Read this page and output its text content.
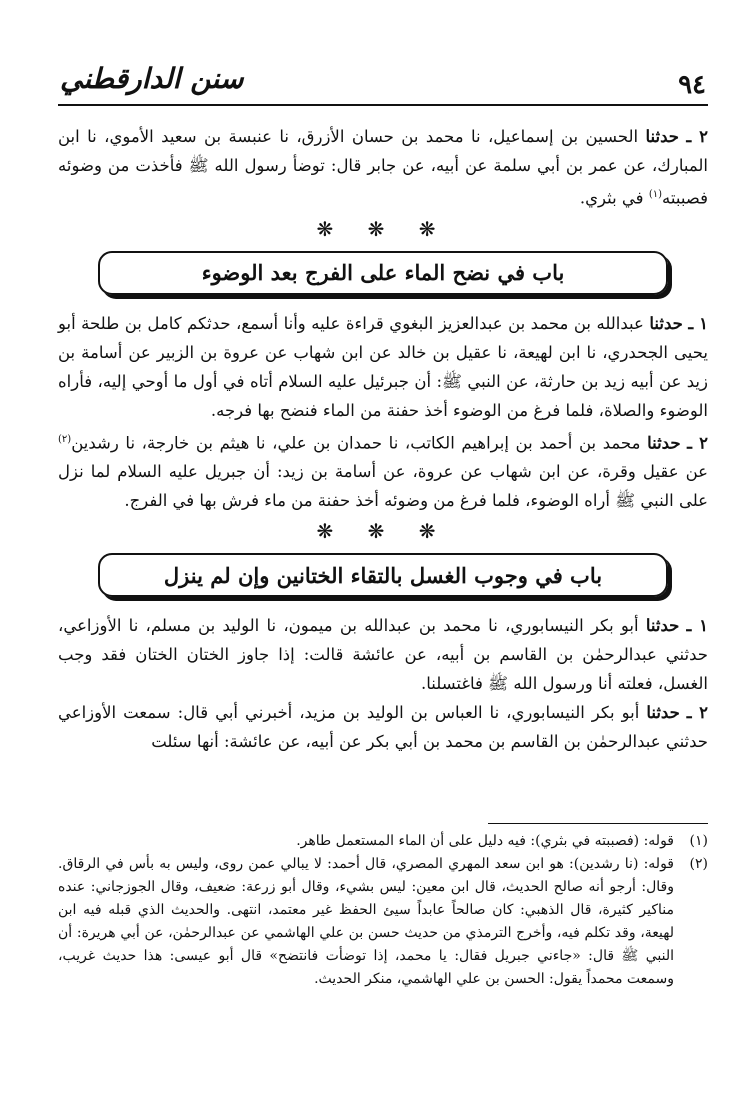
٩٤
سنن الدارقطني

٢ ـ حدثنا الحسين بن إسماعيل، نا محمد بن حسان الأزرق، نا عنبسة بن سعيد الأموي، نا ابن المبارك، عن عمر بن أبي سلمة عن أبيه، عن جابر قال: توضأ رسول الله ﷺ فأخذت من وضوئه فصببته$^{(١)}$ في بثري.

❋ ❋ ❋
باب في نضح الماء على الفرج بعد الوضوء

١ ـ حدثنا عبدالله بن محمد بن عبدالعزيز البغوي قراءة عليه وأنا أسمع، حدثكم كامل بن طلحة أبو يحيى الجحدري، نا ابن لهيعة، نا عقيل بن خالد عن ابن شهاب عن عروة بن الزبير عن أسامة بن زيد عن أبيه زيد بن حارثة، عن النبي ﷺ: أن جبرئيل عليه السلام أتاه في أول ما أوحي إليه، فأراه الوضوء والصلاة، فلما فرغ من الوضوء أخذ حفنة من الماء فنضح بها فرجه.

٢ ـ حدثنا محمد بن أحمد بن إبراهيم الكاتب، نا حمدان بن علي، نا هيثم بن خارجة، نا رشدين$^{(٢)}$ عن عقيل وقرة، عن ابن شهاب عن عروة، عن أسامة بن زيد: أن جبريل عليه السلام لما نزل على النبي ﷺ أراه الوضوء، فلما فرغ من وضوئه أخذ حفنة من ماء فرش بها في الفرج.

❋ ❋ ❋
باب في وجوب الغسل بالتقاء الختانين وإن لم ينزل

١ ـ حدثنا أبو بكر النيسابوري، نا محمد بن عبدالله بن ميمون، نا الوليد بن مسلم، نا الأوزاعي، حدثني عبدالرحمٰن بن القاسم بن أبيه، عن عائشة قالت: إذا جاوز الختان الختان فقد وجب الغسل، فعلته أنا ورسول الله ﷺ فاغتسلنا.

٢ ـ حدثنا أبو بكر النيسابوري، نا العباس بن الوليد بن مزيد، أخبرني أبي قال: سمعت الأوزاعي حدثني عبدالرحمٰن بن القاسم بن محمد بن أبي بكر عن أبيه، عن عائشة: أنها سئلت

(١)
قوله: (فصببته في بثري): فيه دليل على أن الماء المستعمل طاهر.
(٢)
قوله: (نا رشدين): هو ابن سعد المهري المصري، قال أحمد: لا يبالي عمن روى، وليس به بأس في الرقاق. وقال: أرجو أنه صالح الحديث، قال ابن معين: ليس بشيء، وقال أبو زرعة: ضعيف، وقال الجوزجاني: عنده مناكير كثيرة، قال الذهبي: كان صالحاً عابداً سيئ الحفظ غير معتمد، انتهى. والحديث الذي قبله فيه ابن لهيعة، وقد تكلم فيه، وأخرج الترمذي من حديث حسن بن علي الهاشمي عن عبدالرحمٰن، عن أبي هريرة: أن النبي ﷺ قال: «جاءني جبريل فقال: يا محمد، إذا توضأت فانتضح» قال أبو عيسى: هذا حديث غريب، وسمعت محمداً يقول: الحسن بن علي الهاشمي، منكر الحديث.
